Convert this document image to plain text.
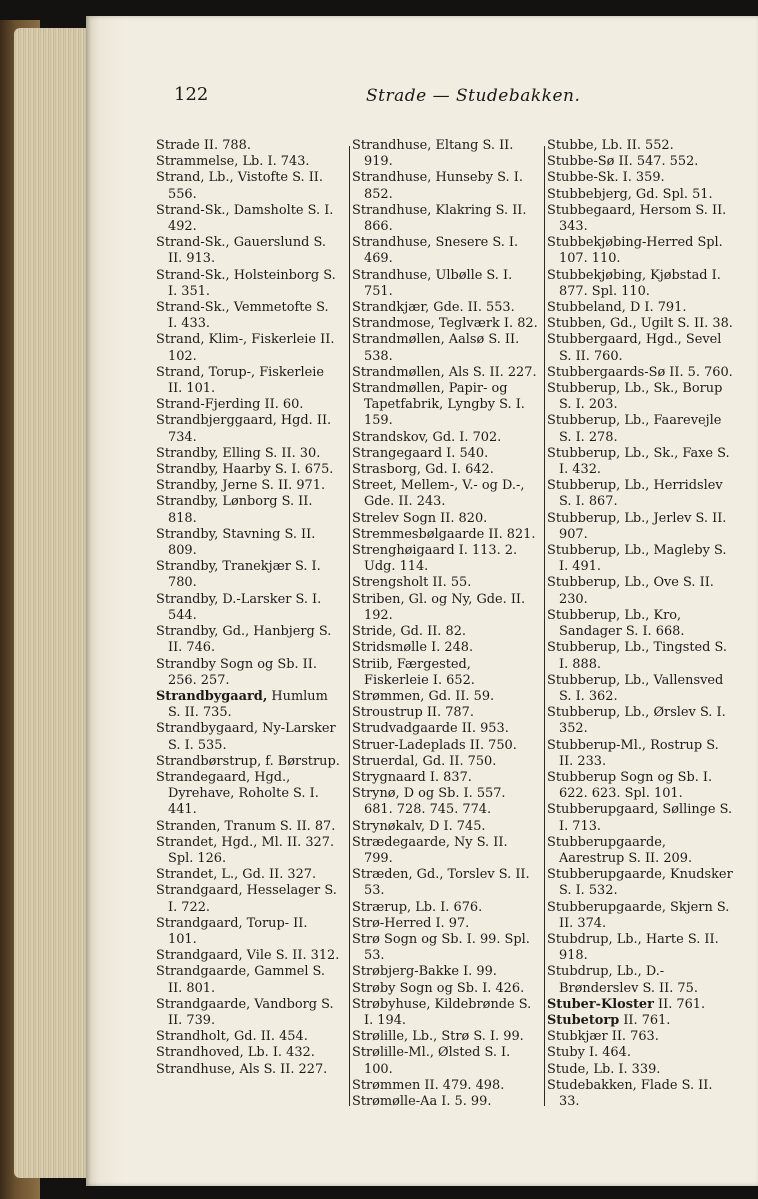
122	Strade — Studebakken.

Strade II. 788.

Strammelse, Lb. I. 743.

Strand, Lb., Vistofte S. II. 556.

Strand-Sk., Damsholte S. I. 492.

Strand-Sk., Gauerslund S. II. 913.

Strand-Sk., Holsteinborg S. I. 351.

Strand-Sk., Vemmetofte S. I. 433.

Strand, Klim-, Fiskerleie II. 102.

Strand, Torup-, Fiskerleie II. 101.

Strand-Fjerding II. 60.

Strandbjerggaard, Hgd. II. 734.

Strandby, Elling S. II. 30.

Strandby, Haarby S. I. 675.

Strandby, Jerne S. II. 971.

Strandby, Lønborg S. II. 818.

Strandby, Stavning S. II. 809.

Strandby, Tranekjær S. I. 780.

Strandby, D.-Larsker S. I. 544.

Strandby, Gd., Hanbjerg S. II. 746.

Strandby Sogn og Sb. II. 256. 257.

Strandbygaard, Humlum S. II. 735.

Strandbygaard, Ny-Larsker S. I. 535.

Strandbørstrup, f. Børstrup.

Strandegaard, Hgd., Dyrehave, Roholte S. I. 441.

Stranden, Tranum S. II. 87.

Strandet, Hgd., Ml. II. 327. Spl. 126.

Strandet, L., Gd. II. 327.

Strandgaard, Hesselager S. I. 722.

Strandgaard, Torup- II. 101.

Strandgaard, Vile S. II. 312.

Strandgaarde, Gammel S. II. 801.

Strandgaarde, Vandborg S. II. 739.

Strandholt, Gd. II. 454.

Strandhoved, Lb. I. 432.

Strandhuse, Als S. II. 227.

Strandhuse, Eltang S. II. 919.

Strandhuse, Hunseby S. I. 852.

Strandhuse, Klakring S. II. 866.

Strandhuse, Snesere S. I. 469.

Strandhuse, Ulbølle S. I. 751.

Strandkjær, Gde. II. 553.

Strandmose, Teglværk I. 82.

Strandmøllen, Aalsø S. II. 538.

Strandmøllen, Als S. II. 227.

Strandmøllen, Papir- og Tapetfabrik, Lyngby S. I. 159.

Strandskov, Gd. I. 702.

Strangegaard I. 540.

Strasborg, Gd. I. 642.

Street, Mellem-, V.- og D.-, Gde. II. 243.

Strelev Sogn II. 820.

Stremmesbølgaarde II. 821.

Strenghøigaard I. 113. 2. Udg. 114.

Strengsholt II. 55.

Striben, Gl. og Ny, Gde. II. 192.

Stride, Gd. II. 82.

Stridsmølle I. 248.

Striib, Færgested, Fiskerleie I. 652.

Strømmen, Gd. II. 59.

Stroustrup II. 787.

Strudvadgaarde II. 953.

Struer-Ladeplads II. 750.

Struerdal, Gd. II. 750.

Strygnaard I. 837.

Strynø, D og Sb. I. 557. 681. 728. 745. 774.

Strynøkalv, D I. 745.

Strædegaarde, Ny S. II. 799.

Stræden, Gd., Torslev S. II. 53.

Strærup, Lb. I. 676.

Strø-Herred I. 97.

Strø Sogn og Sb. I. 99. Spl. 53.

Strøbjerg-Bakke I. 99.

Strøby Sogn og Sb. I. 426.

Strøbyhuse, Kildebrønde S. I. 194.

Strølille, Lb., Strø S. I. 99.

Strølille-Ml., Ølsted S. I. 100.

Strømmen II. 479. 498.

Strømølle-Aa I. 5. 99.

Stubbe, Lb. II. 552.

Stubbe-Sø II. 547. 552.

Stubbe-Sk. I. 359.

Stubbebjerg, Gd. Spl. 51.

Stubbegaard, Hersom S. II. 343.

Stubbekjøbing-Herred Spl. 107. 110.

Stubbekjøbing, Kjøbstad I. 877. Spl. 110.

Stubbeland, D I. 791.

Stubben, Gd., Ugilt S. II. 38.

Stubbergaard, Hgd., Sevel S. II. 760.

Stubbergaards-Sø II. 5. 760.

Stubberup, Lb., Sk., Borup S. I. 203.

Stubberup, Lb., Faarevejle S. I. 278.

Stubberup, Lb., Sk., Faxe S. I. 432.

Stubberup, Lb., Herridslev S. I. 867.

Stubberup, Lb., Jerlev S. II. 907.

Stubberup, Lb., Magleby S. I. 491.

Stubberup, Lb., Ove S. II. 230.

Stubberup, Lb., Kro, Sandager S. I. 668.

Stubberup, Lb., Tingsted S. I. 888.

Stubberup, Lb., Vallensved S. I. 362.

Stubberup, Lb., Ørslev S. I. 352.

Stubberup-Ml., Rostrup S. II. 233.

Stubberup Sogn og Sb. I. 622. 623. Spl. 101.

Stubberupgaard, Søllinge S. I. 713.

Stubberupgaarde, Aarestrup S. II. 209.

Stubberupgaarde, Knudsker S. I. 532.

Stubberupgaarde, Skjern S. II. 374.

Stubdrup, Lb., Harte S. II. 918.

Stubdrup, Lb., D.-Brønderslev S. II. 75.

Stuber-Kloster II. 761.

Stubetorp II. 761.

Stubkjær II. 763.

Stuby I. 464.

Stude, Lb. I. 339.

Studebakken, Flade S. II. 33.
